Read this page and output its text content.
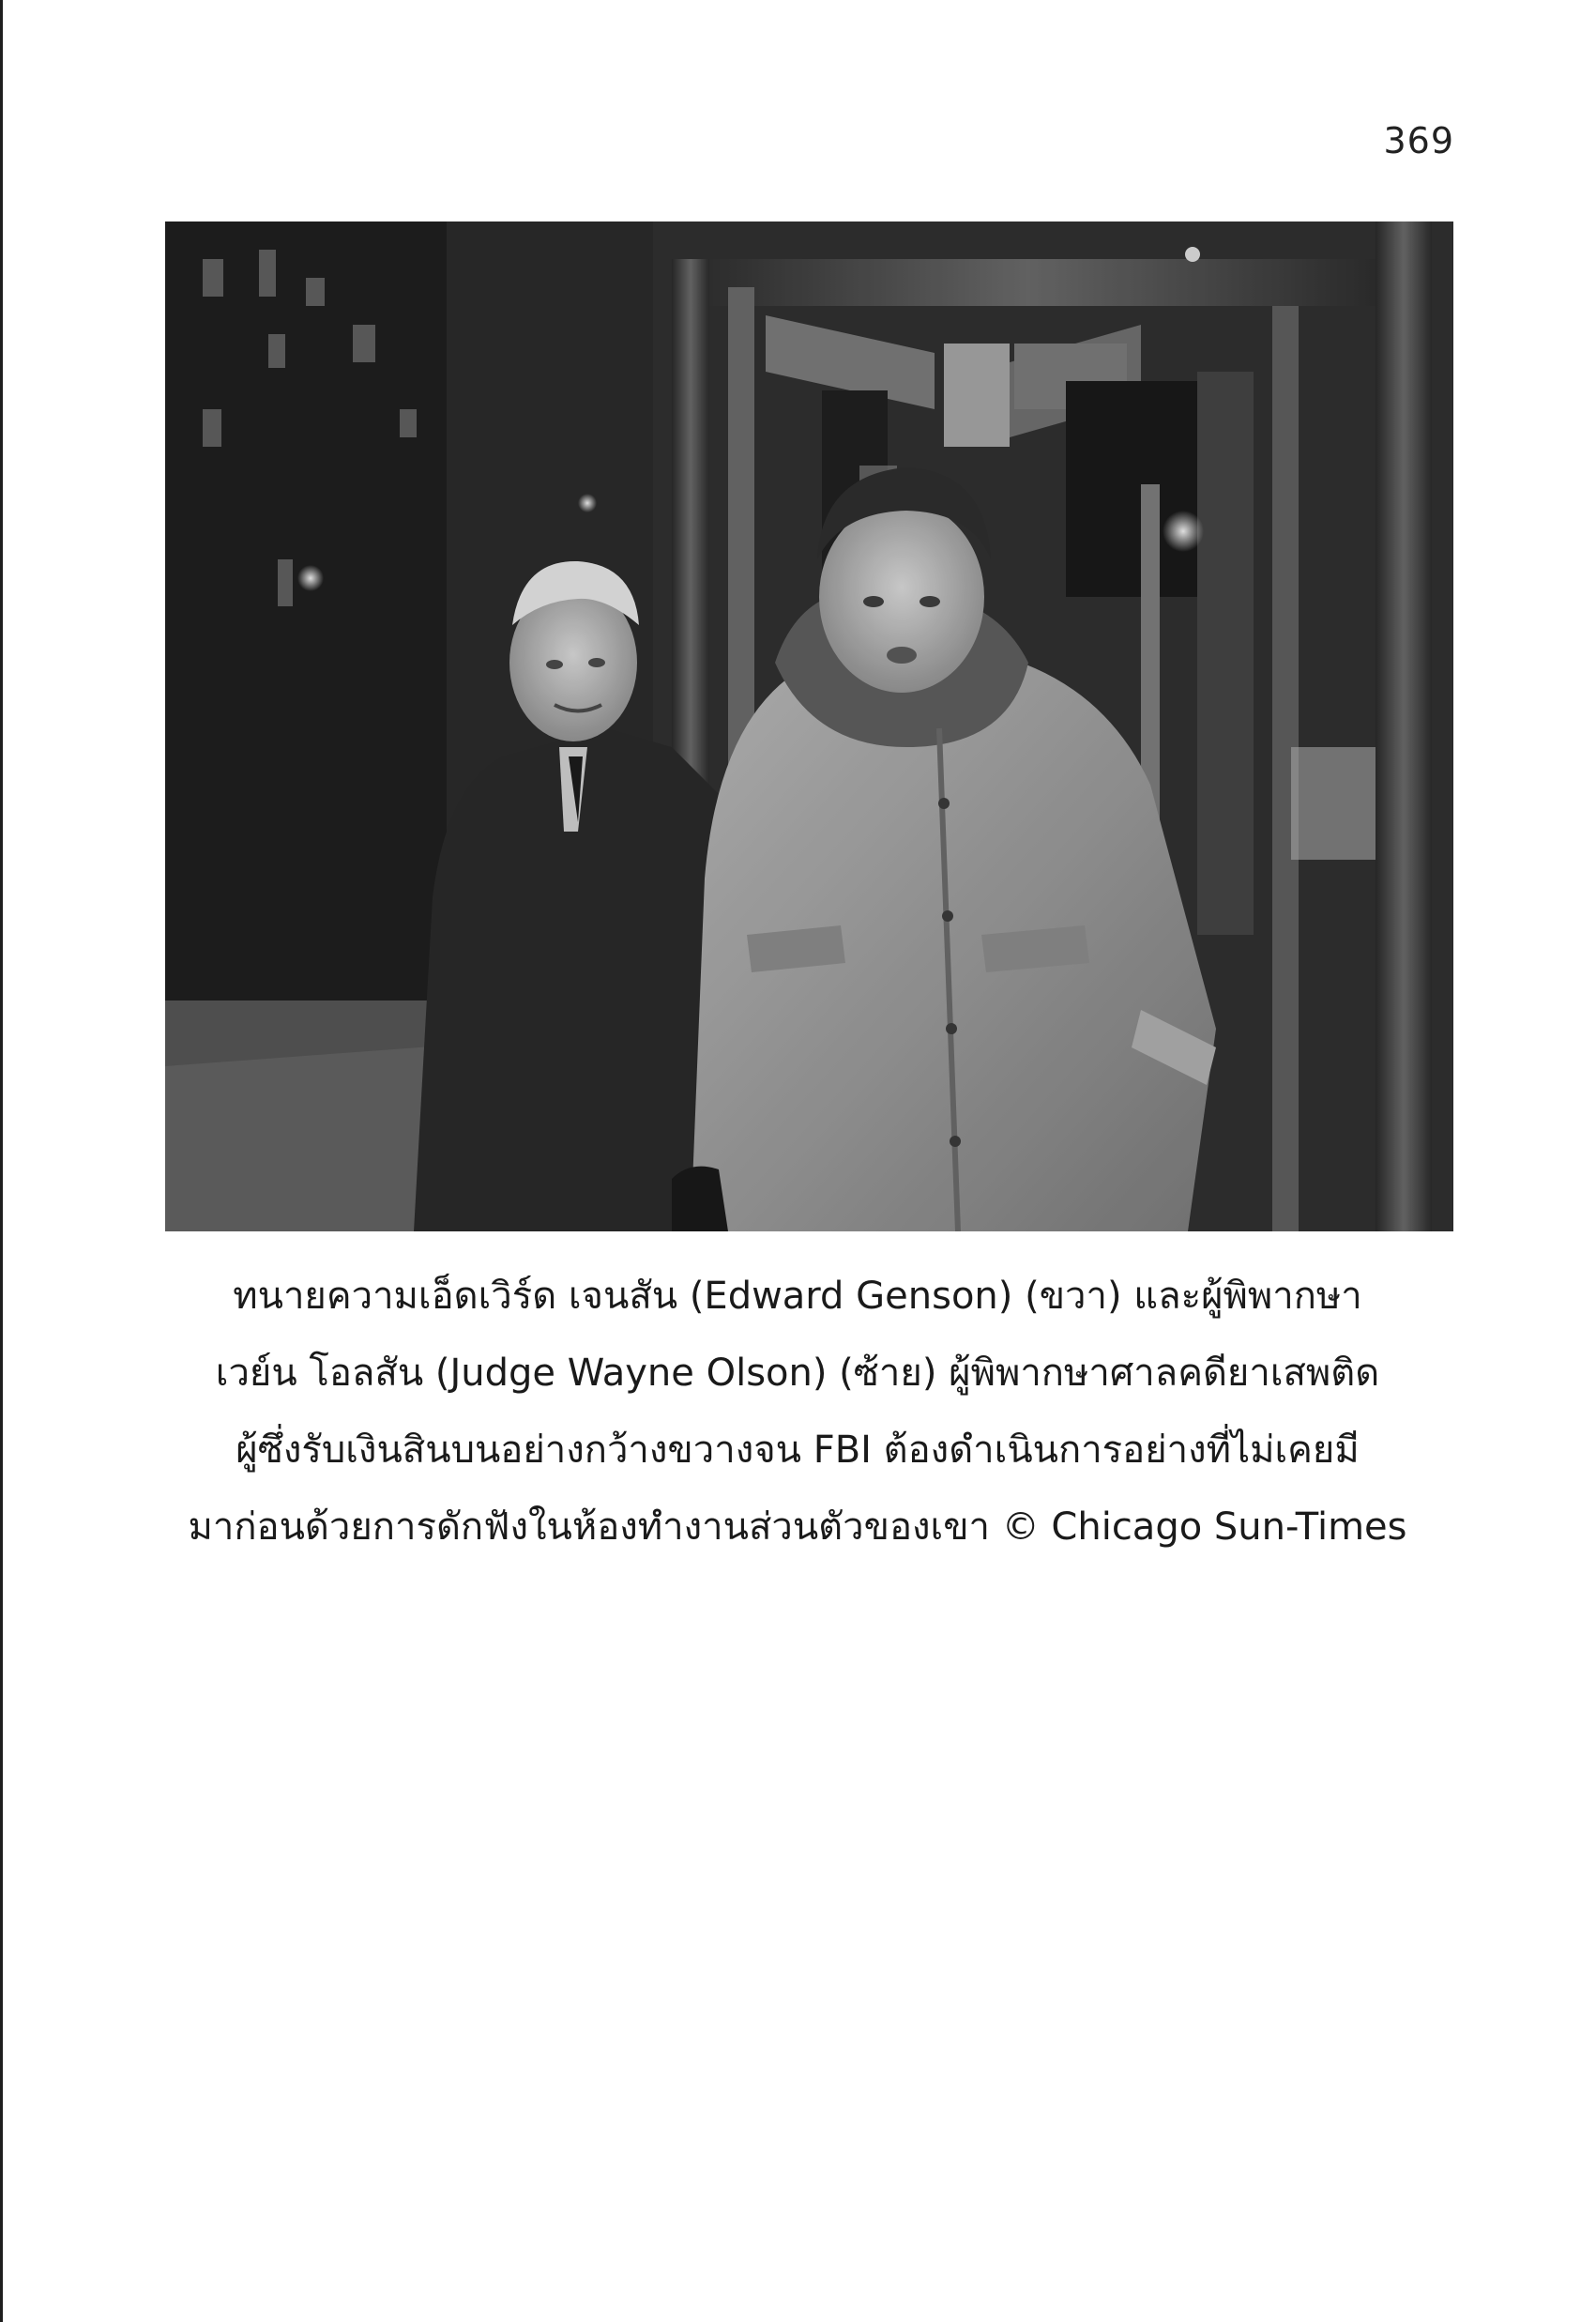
369
ทนายความเอ็ดเวิร์ด เจนสัน (Edward Genson) (ขวา) และผู้พิพากษา
เวย์น โอลสัน (Judge Wayne Olson) (ซ้าย) ผู้พิพากษาศาลคดียาเสพติด
ผู้ซึ่งรับเงินสินบนอย่างกว้างขวางจน FBI ต้องดำเนินการอย่างที่ไม่เคยมี
มาก่อนด้วยการดักฟังในห้องทำงานส่วนตัวของเขา © Chicago Sun-Times
